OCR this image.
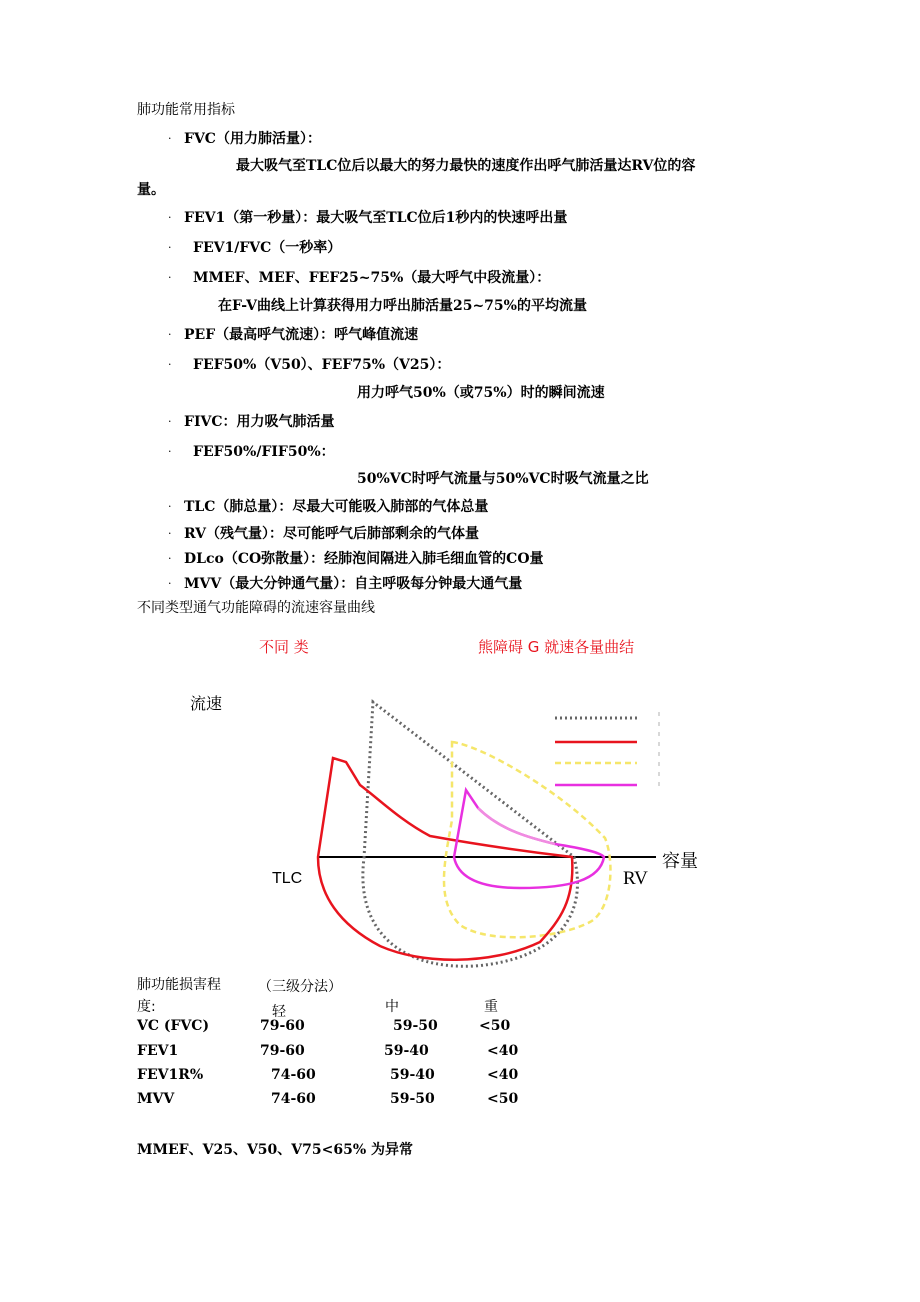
肺功能常用指标
· FVC（用力肺活量）：
最大吸气至TLC位后以最大的努力最快的速度作出呼气肺活量达RV位的容
量。
· FEV1（第一秒量）：最大吸气至TLC位后1秒内的快速呼出量
· FEV1/FVC（一秒率）
· MMEF、MEF、FEF25~75%（最大呼气中段流量）：
在F-V曲线上计算获得用力呼出肺活量25~75%的平均流量
· PEF（最高呼气流速）：呼气峰值流速
· FEF50%（V50）、FEF75%（V25）：
用力呼气50%（或75%）时的瞬间流速
· FIVC：用力吸气肺活量
· FEF50%/FIF50%：
50%VC时呼气流量与50%VC时吸气流量之比
· TLC（肺总量）：尽最大可能吸入肺部的气体总量
· RV（残气量）：尽可能呼气后肺部剩余的气体量
· DLco（CO弥散量）：经肺泡间隔进入肺毛细血管的CO量
· MVV（最大分钟通气量）：自主呼吸每分钟最大通气量
不同类型通气功能障碍的流速容量曲线
不同 类	熊障碍 G 就速各量曲结
流速
容量
TLC	RV
肺功能损害程
度:
（三级分法）
轻	中	重
VC (FVC)	79-60	59-50	<50
FEV1	79-60	59-40	<40
FEV1R%	74-60	59-40	<40
MVV	74-60	59-50	<50
MMEF、V25、V50、V75<65% 为异常
